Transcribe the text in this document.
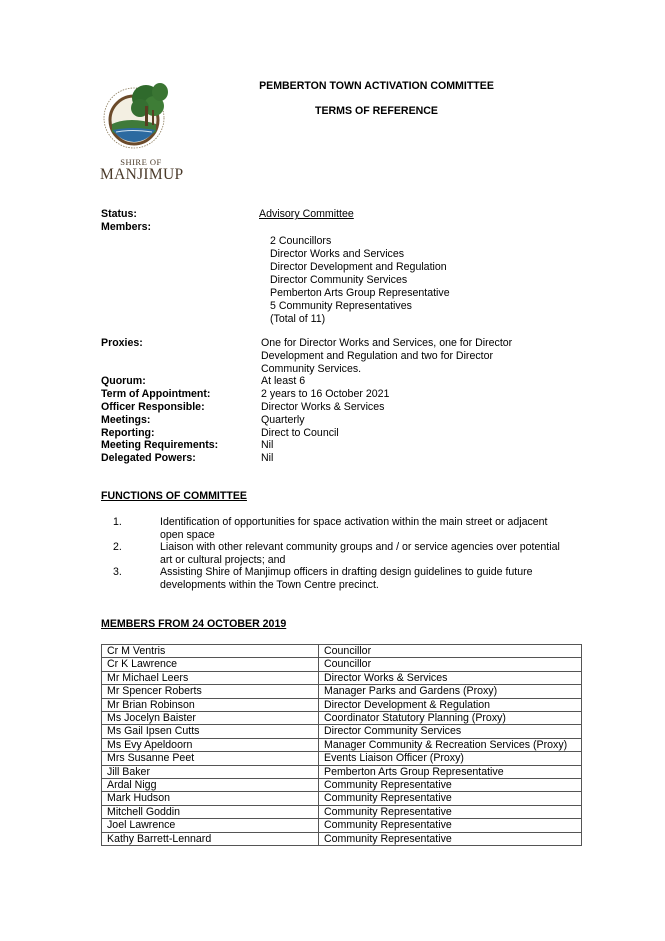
SHIRE OF
MANJIMUP
PEMBERTON TOWN ACTIVATION COMMITTEE
TERMS OF REFERENCE
Status:	Advisory Committee
Members:
2 Councillors
Director Works and Services
Director Development and Regulation
Director Community Services
Pemberton Arts Group Representative
5 Community Representatives
(Total of 11)
Proxies:	One for Director Works and Services, one for Director
Development and Regulation and two for Director
Community Services.
Quorum:	At least 6
Term of Appointment:	2 years to 16 October 2021
Officer Responsible:	Director Works & Services
Meetings:	Quarterly
Reporting:	Direct to Council
Meeting Requirements:	Nil
Delegated Powers:	Nil
FUNCTIONS OF COMMITTEE
1.	Identification of opportunities for space activation within the main street or adjacent open space
2.	Liaison with other relevant community groups and / or service agencies over potential art or cultural projects; and
3.	Assisting Shire of Manjimup officers in drafting design guidelines to guide future developments within the Town Centre precinct.
MEMBERS FROM 24 OCTOBER 2019
Cr M Ventris	Councillor
Cr K Lawrence	Councillor
Mr Michael Leers	Director Works & Services
Mr Spencer Roberts	Manager Parks and Gardens (Proxy)
Mr Brian Robinson	Director Development & Regulation
Ms Jocelyn Baister	Coordinator Statutory Planning (Proxy)
Ms Gail Ipsen Cutts	Director Community Services
Ms Evy Apeldoorn	Manager Community & Recreation Services (Proxy)
Mrs Susanne Peet	Events Liaison Officer (Proxy)
Jill Baker	Pemberton Arts Group Representative
Ardal Nigg	Community Representative
Mark Hudson	Community Representative
Mitchell Goddin	Community Representative
Joel Lawrence	Community Representative
Kathy Barrett-Lennard	Community Representative
